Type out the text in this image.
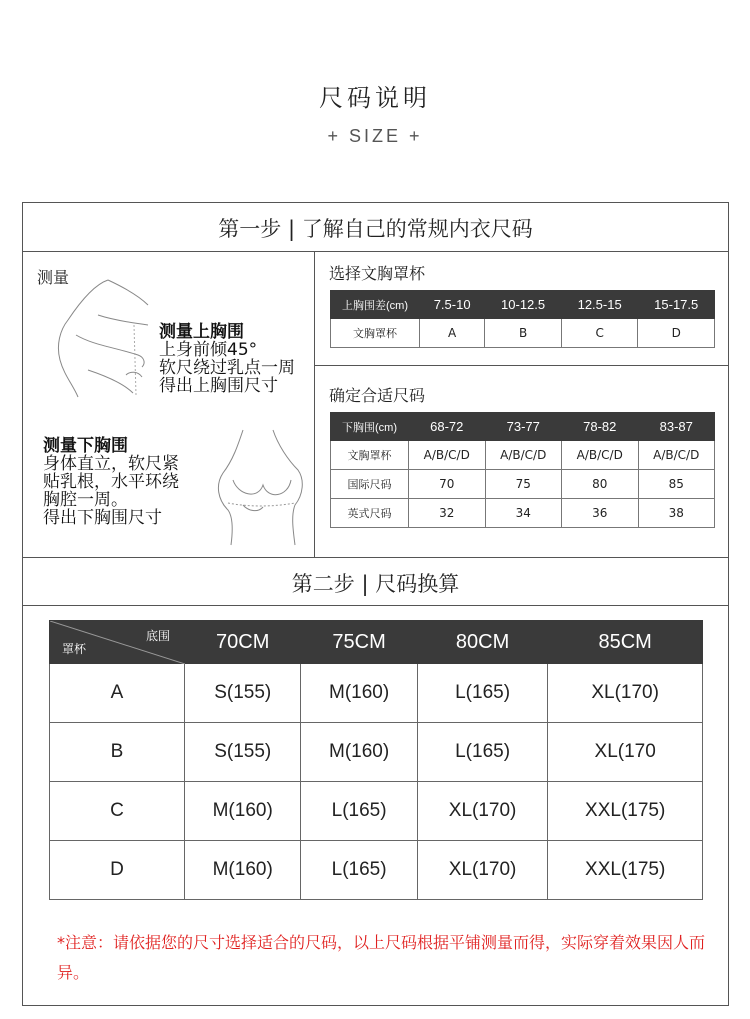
尺码说明
+ SIZE +
第一步 | 了解自己的常规内衣尺码
测量
测量上胸围
上身前倾45°
软尺绕过乳点一周
得出上胸围尺寸
测量下胸围
身体直立，软尺紧
贴乳根，水平环绕
胸腔一周。
得出下胸围尺寸
选择文胸罩杯
上胸围差(cm)	7.5-10	10-12.5	12.5-15	15-17.5
文胸罩杯	A	B	C	D
确定合适尺码
下胸围(cm)	68-72	73-77	78-82	83-87
文胸罩杯	A/B/C/D	A/B/C/D	A/B/C/D	A/B/C/D
国际尺码	70	75	80	85
英式尺码	32	34	36	38
第二步 | 尺码换算
底围
罩杯	70CM	75CM	80CM	85CM
A	S(155)	M(160)	L(165)	XL(170)
B	S(155)	M(160)	L(165)	XL(170
C	M(160)	L(165)	XL(170)	XXL(175)
D	M(160)	L(165)	XL(170)	XXL(175)
*注意：请依据您的尺寸选择适合的尺码，以上尺码根据平铺测量而得，实际穿着效果因人而异。
